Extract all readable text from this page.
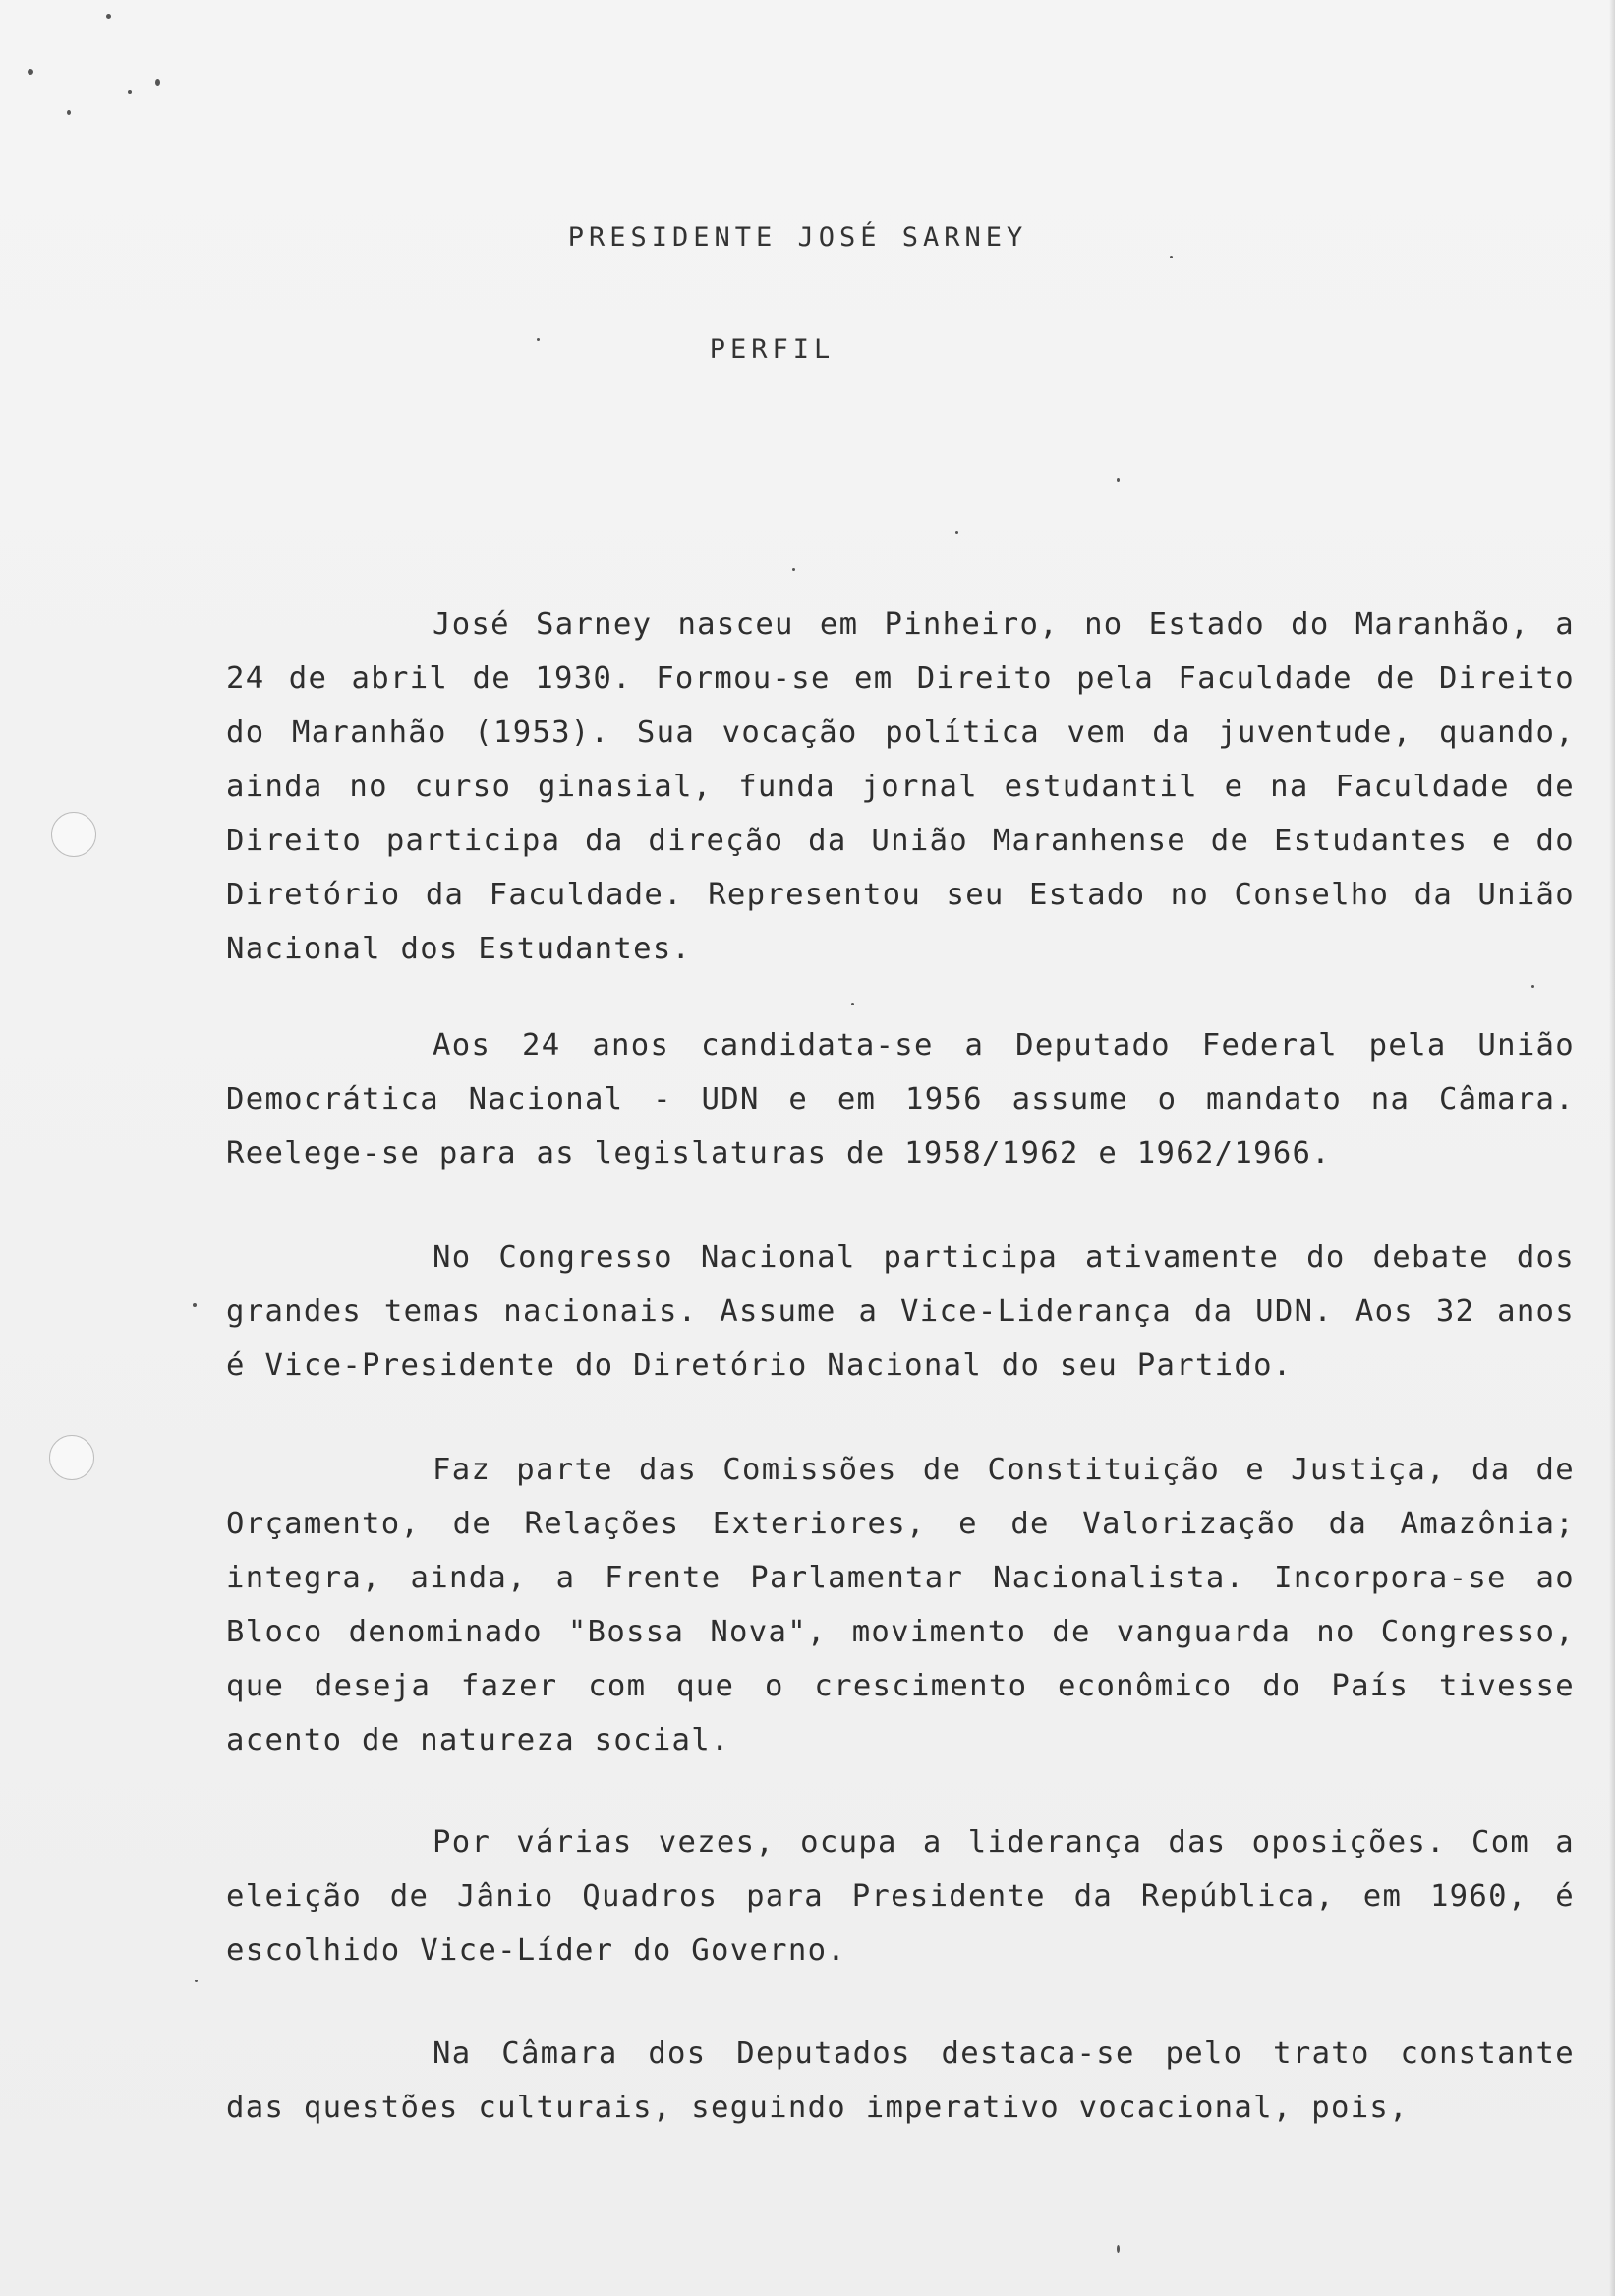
PRESIDENTE JOSÉ SARNEY
PERFIL

José Sarney nasceu em Pinheiro, no Estado do Maranhão, a 24 de abril de 1930. Formou-se em Direito pela Faculdade de Direito do Maranhão (1953). Sua vocação política vem da juventude, quando, ainda no curso ginasial, funda jornal estudantil e na Faculdade de Direito participa da direção da União Maranhense de Estudantes e do Diretório da Faculdade. Representou seu Estado no Conselho da União Nacional dos Estudantes.

Aos 24 anos candidata-se a Deputado Federal pela União Democrática Nacional - UDN e em 1956 assume o mandato na Câmara. Reelege-se para as legislaturas de 1958/1962 e 1962/1966.

No Congresso Nacional participa ativamente do debate dos grandes temas nacionais. Assume a Vice-Liderança da UDN. Aos 32 anos é Vice-Presidente do Diretório Nacional do seu Partido.

Faz parte das Comissões de Constituição e Justiça, da de Orçamento, de Relações Exteriores, e de Valorização da Amazônia; integra, ainda, a Frente Parlamentar Nacionalista. Incorpora-se ao Bloco denominado "Bossa Nova", movimento de vanguarda no Congresso, que deseja fazer com que o crescimento econômico do País tivesse acento de natureza social.

Por várias vezes, ocupa a liderança das oposições. Com a eleição de Jânio Quadros para Presidente da República, em 1960, é escolhido Vice-Líder do Governo.

Na Câmara dos Deputados destaca-se pelo trato constante das questões culturais, seguindo imperativo vocacional, pois,
